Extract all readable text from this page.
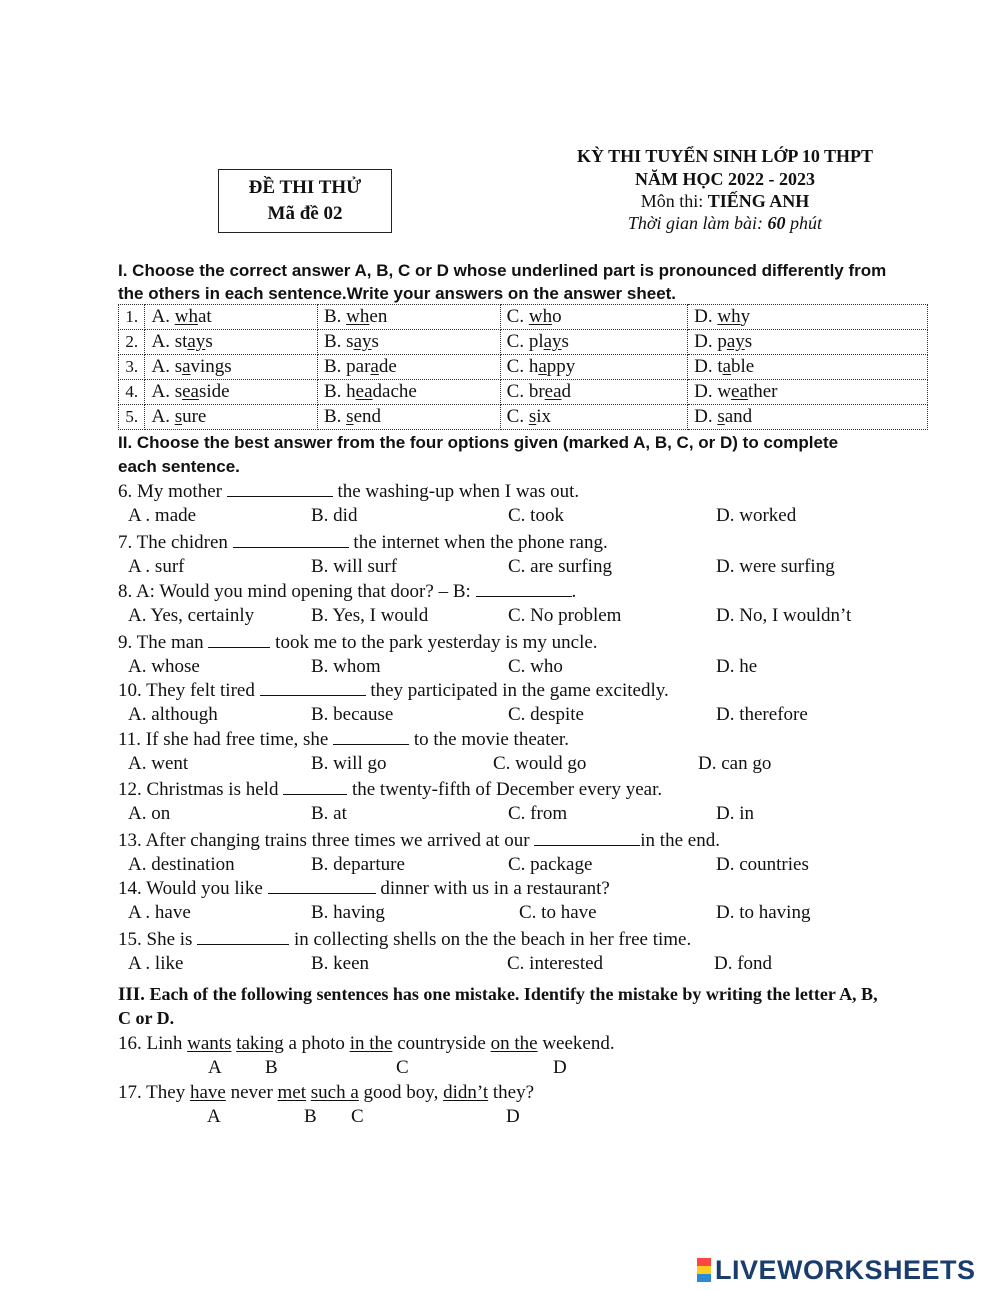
ĐỀ THI THỬ
Mã đề 02
KỲ THI TUYỂN SINH LỚP 10 THPT
NĂM HỌC 2022 - 2023
Môn thi: TIẾNG ANH
Thời gian làm bài: 60 phút
I. Choose the correct answer A, B, C or D whose underlined part is pronounced differently from
the others in each sentence.Write your answers on the answer sheet.
1.	A. what	B. when	C. who	D. why
2.	A. stays	B. says	C. plays	D. pays
3.	A. savings	B. parade	C. happy	D. table
4.	A. seaside	B. headache	C. bread	D. weather
5.	A. sure	B. send	C. six	D. sand
II. Choose the best answer from the four options given (marked A, B, C, or D) to complete
each sentence.
6. My mother	the washing-up when I was out.
A . made	B. did	C. took	D. worked
7. The chidren	the internet when the phone rang.
A . surf	B. will surf	C. are surfing	D. were surfing
8. A: Would you mind opening that door? – B:	.
A. Yes, certainly	B. Yes, I would	C. No problem	D. No, I wouldn’t
9. The man	took me to the park yesterday is my uncle.
A. whose	B. whom	C. who	D. he
10. They felt tired	they participated in the game excitedly.
A. although	B. because	C. despite	D. therefore
11. If she had free time, she	to the movie theater.
A. went	B. will go	C. would go	D. can go
12. Christmas is held	the twenty-fifth of December every year.
A. on	B. at	C. from	D. in
13. After changing trains three times we arrived at our	in the end.
A. destination	B. departure	C. package	D. countries
14. Would you like	dinner with us in a restaurant?
A . have	B. having	C. to have	D. to having
15. She is	in collecting shells on the the beach in her free time.
A . like	B. keen	C. interested	D. fond
III. Each of the following sentences has one mistake. Identify the mistake by writing the letter A, B,
C or D.
16. Linh wants taking a photo in the countryside on the weekend.
A B	C	D
17. They have never met such a good boy, didn’t they?
A	B C	D
LIVEWORKSHEETS
